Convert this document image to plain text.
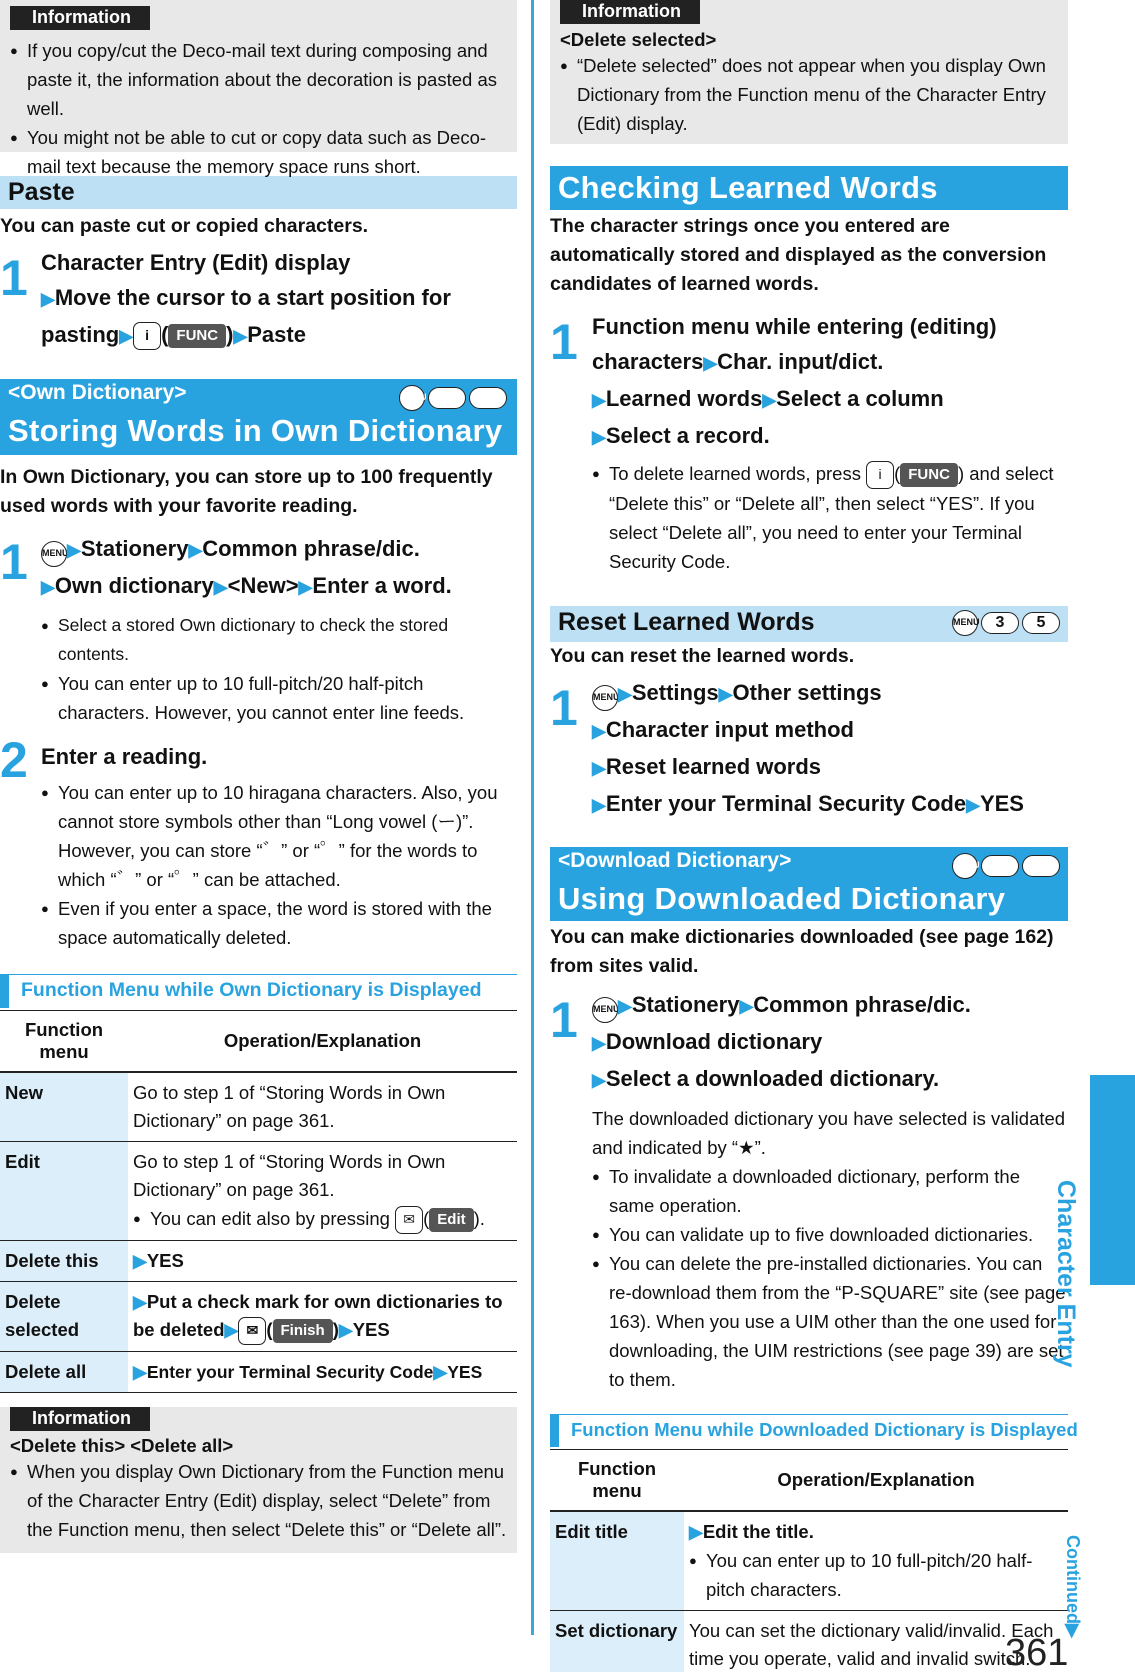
Information
● If you copy/cut the Deco-mail text during composing and paste it, the information about the decoration is pasted as well.
● You might not be able to cut or copy data such as Deco-mail text because the memory space runs short.
Paste
You can paste cut or copied characters.
1 Character Entry (Edit) display
▶Move the cursor to a start position for
pasting▶ i ( FUNC )▶Paste
<Own Dictionary>
Storing Words in Own Dictionary
MENU	3	8
In Own Dictionary, you can store up to 100 frequently used words with your favorite reading.
1 MENU▶Stationery▶Common phrase/dic.
▶Own dictionary▶<New>▶Enter a word.
● Select a stored Own dictionary to check the stored contents.
● You can enter up to 10 full-pitch/20 half-pitch characters. However, you cannot enter line feeds.
2 Enter a reading.
● You can enter up to 10 hiragana characters. Also, you cannot store symbols other than “Long vowel (ー)”. However, you can store “゛” or “゜” for the words to which “゛” or “゜” can be attached.
● Even if you enter a space, the word is stored with the space automatically deleted.
Function Menu while Own Dictionary is Displayed
Function menu	Operation/Explanation
New	Go to step 1 of “Storing Words in Own Dictionary” on page 361.
Edit	Go to step 1 of “Storing Words in Own Dictionary” on page 361.
● You can edit also by pressing ✉ ( Edit ).

Delete this	▶YES
Delete selected	▶Put a check mark for own dictionaries to be deleted▶ ✉ ( Finish )▶YES
Delete all	▶Enter your Terminal Security Code▶YES
Information
<Delete this> <Delete all>
● When you display Own Dictionary from the Function menu of the Character Entry (Edit) display, select “Delete” from the Function menu, then select “Delete this” or “Delete all”.
Information
<Delete selected>
● “Delete selected” does not appear when you display Own Dictionary from the Function menu of the Character Entry (Edit) display.
Checking Learned Words
The character strings once you entered are automatically stored and displayed as the conversion candidates of learned words.
1 Function menu while entering (editing)
characters▶Char. input/dict.
▶Learned words▶Select a column
▶Select a record.
● To delete learned words, press i ( FUNC ) and select “Delete this” or “Delete all”, then select “YES”. If you select “Delete all”, you need to enter your Terminal Security Code.
Reset Learned Words	MENU	3	5
You can reset the learned words.
1 MENU▶Settings▶Other settings
▶Character input method
▶Reset learned words
▶Enter your Terminal Security Code▶YES
<Download Dictionary>
Using Downloaded Dictionary
MENU	3	8
You can make dictionaries downloaded (see page 162) from sites valid.
1 MENU▶Stationery▶Common phrase/dic.
▶Download dictionary
▶Select a downloaded dictionary.
The downloaded dictionary you have selected is validated and indicated by “★”.
● To invalidate a downloaded dictionary, perform the same operation.
● You can validate up to five downloaded dictionaries.
● You can delete the pre-installed dictionaries. You can re-download them from the “P-SQUARE” site (see page 163). When you use a UIM other than the one used for downloading, the UIM restrictions (see page 39) are set to them.
Function Menu while Downloaded Dictionary is Displayed
Function menu	Operation/Explanation
Edit title	▶Edit the title.
● You can enter up to 10 full-pitch/20 half-pitch characters.

Set dictionary	You can set the dictionary valid/invalid. Each time you operate, valid and invalid switch.
Character Entry
Continued▶
361
